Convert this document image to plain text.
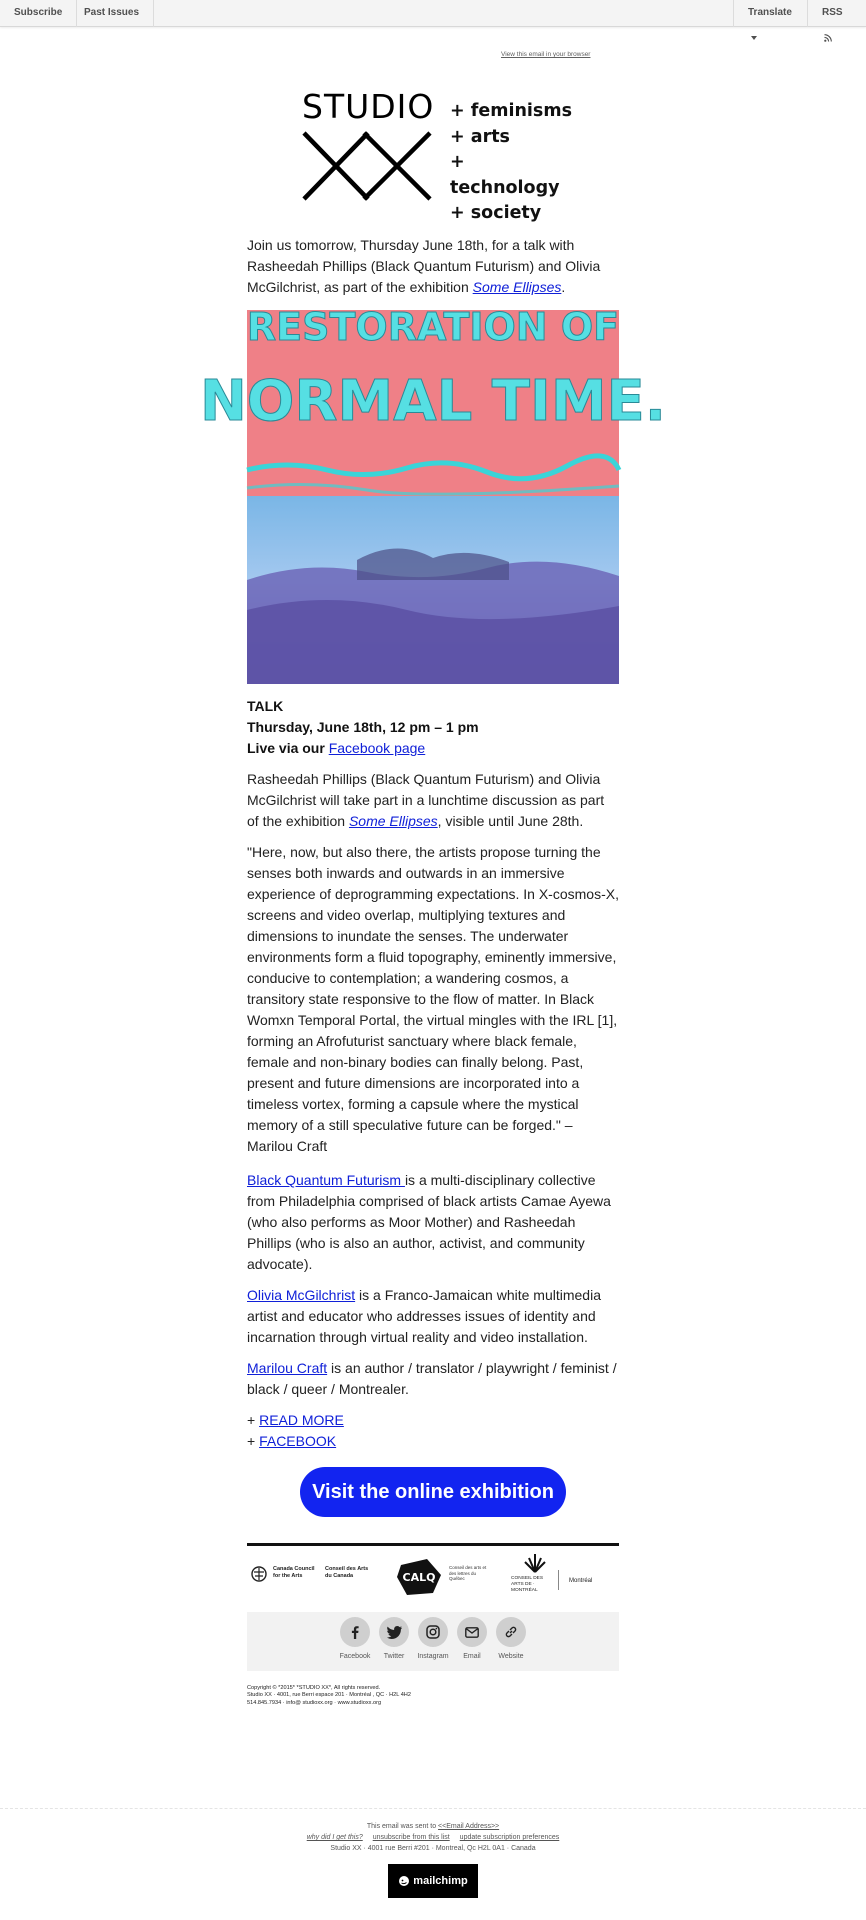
Subscribe	Past Issues	Translate	RSS
View this email in your browser
STUDIO + feminisms
+ arts
+ technology
+ society
Join us tomorrow, Thursday June 18th, for a talk with Rasheedah Phillips (Black Quantum Futurism) and Olivia McGilchrist, as part of the exhibition Some Ellipses.
RESTORATION OF
NORMAL TIME.
TALK
Thursday, June 18th, 12 pm – 1 pm
Live via our Facebook page
Rasheedah Phillips (Black Quantum Futurism) and Olivia McGilchrist will take part in a lunchtime discussion as part of the exhibition Some Ellipses, visible until June 28th.
"Here, now, but also there, the artists propose turning the senses both inwards and outwards in an immersive experience of deprogramming expectations. In X-cosmos-X, screens and video overlap, multiplying textures and dimensions to inundate the senses. The underwater environments form a fluid topography, eminently immersive, conducive to contemplation; a wandering cosmos, a transitory state responsive to the flow of matter. In Black Womxn Temporal Portal, the virtual mingles with the IRL [1], forming an Afrofuturist sanctuary where black female, female and non-binary bodies can finally belong. Past, present and future dimensions are incorporated into a timeless vortex, forming a capsule where the mystical memory of a still speculative future can be forged." – Marilou Craft
Black Quantum Futurism is a multi-disciplinary collective from Philadelphia comprised of black artists Camae Ayewa (who also performs as Moor Mother) and Rasheedah Phillips (who is also an author, activist, and community advocate).
Olivia McGilchrist is a Franco-Jamaican white multimedia artist and educator who addresses issues of identity and incarnation through virtual reality and video installation.
Marilou Craft is an author / translator / playwright / feminist / black / queer / Montrealer.
+ READ MORE
+ FACEBOOK
Visit the online exhibition
Canada Council for the Arts
Conseil des Arts du Canada	CALQ
Conseil des arts et des lettres du Québec	CONSEIL DES ARTS DE · MONTRÉAL
Montréal
Facebook	Twitter	Instagram	Email	Website
Copyright © *2015* *STUDIO XX*, All rights reserved.
Studio XX · 4001, rue Berri espace 201 · Montréal , QC · H2L 4H2
514.845.7934 · info@ studioxx.org · www.studioxx.org
This email was sent to <<Email Address>>
why did I get this? unsubscribe from this list update subscription preferences
Studio XX · 4001 rue Berri #201 · Montreal, Qc H2L 0A1 · Canada
mailchimp
